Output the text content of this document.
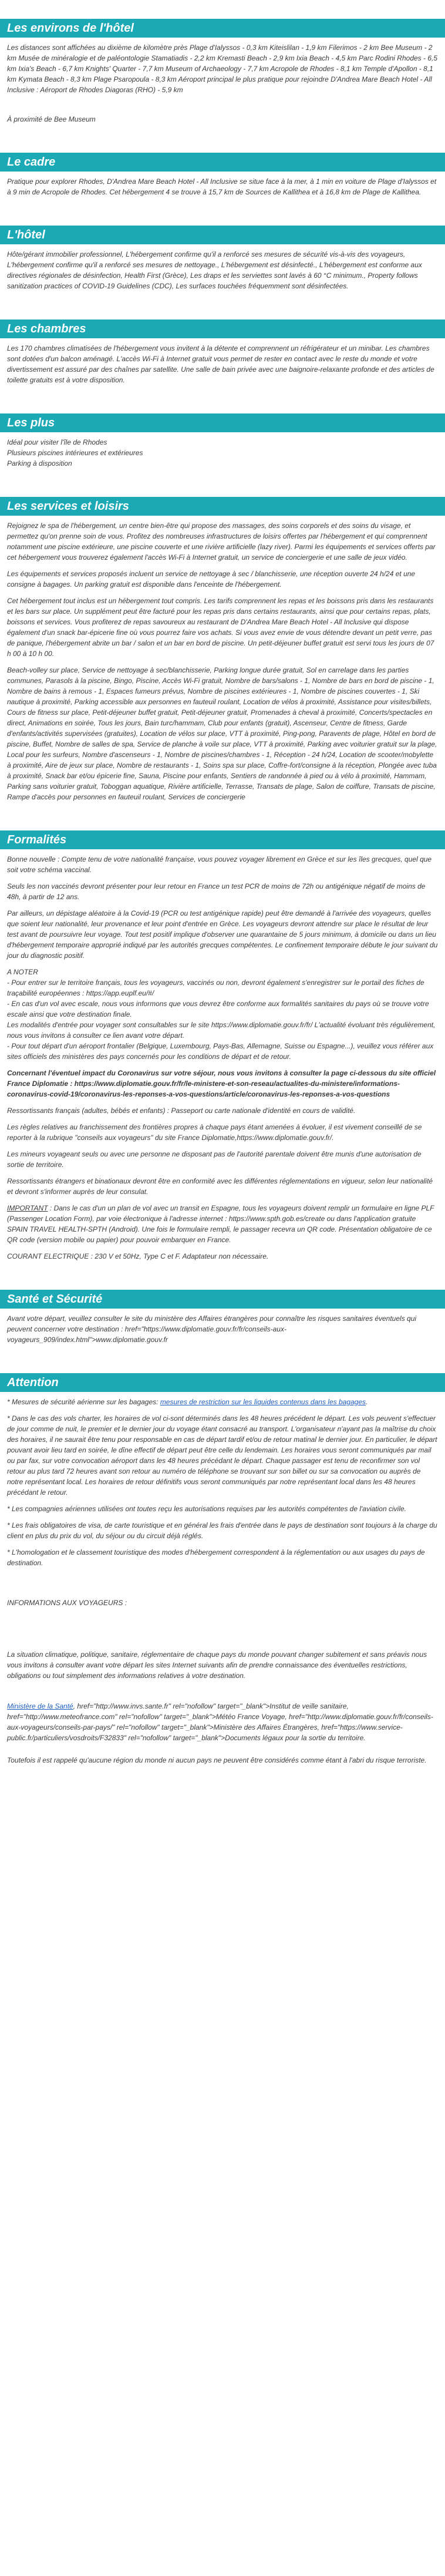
Les environs de l'hôtel

Les distances sont affichées au dixième de kilomètre près Plage d'Ialyssos - 0,3 km Kiteislilan - 1,9 km Filerimos - 2 km Bee Museum - 2 km Musée de minéralogie et de paléontologie Stamatiadis - 2,2 km Kremasti Beach - 2,9 km Ixia Beach - 4,5 km Parc Rodini Rhodes - 6,5 km Ixia's Beach - 6,7 km Knights' Quarter - 7,7 km Museum of Archaeology - 7,7 km Acropole de Rhodes - 8,1 km Temple d'Apollon - 8,1 km Kymata Beach - 8,3 km Plage Psaropoula - 8,3 km Aéroport principal le plus pratique pour rejoindre D'Andrea Mare Beach Hotel - All Inclusive : Aéroport de Rhodes Diagoras (RHO) - 5,9 km

À proximité de Bee Museum

Le cadre

Pratique pour explorer Rhodes, D'Andrea Mare Beach Hotel - All Inclusive se situe face à la mer, à 1 min en voiture de Plage d'Ialyssos et à 9 min de Acropole de Rhodes. Cet hébergement 4 se trouve à 15,7 km de Sources de Kallithea et à 16,8 km de Plage de Kallithea.

L'hôtel

Hôte/gérant immobilier professionnel, L'hébergement confirme qu'il a renforcé ses mesures de sécurité vis-à-vis des voyageurs, L'hébergement confirme qu'il a renforcé ses mesures de nettoyage., L'hébergement est désinfecté., L'hébergement est conforme aux directives régionales de désinfection, Health First (Grèce), Les draps et les serviettes sont lavés à 60 °C minimum., Property follows sanitization practices of COVID-19 Guidelines (CDC), Les surfaces touchées fréquemment sont désinfectées.

Les chambres

Les 170 chambres climatisées de l'hébergement vous invitent à la détente et comprennent un réfrigérateur et un minibar. Les chambres sont dotées d'un balcon aménagé. L'accès Wi-Fi à Internet gratuit vous permet de rester en contact avec le reste du monde et votre divertissement est assuré par des chaînes par satellite. Une salle de bain privée avec une baignoire-relaxante profonde et des articles de toilette gratuits est à votre disposition.

Les plus
Idéal pour visiter l'île de Rhodes
Plusieurs piscines intérieures et extérieures
Parking à disposition
Les services et loisirs

Rejoignez le spa de l'hébergement, un centre bien-être qui propose des massages, des soins corporels et des soins du visage, et permettez qu'on prenne soin de vous. Profitez des nombreuses infrastructures de loisirs offertes par l'hébergement et qui comprennent notamment une piscine extérieure, une piscine couverte et une rivière artificielle (lazy river). Parmi les équipements et services offerts par cet hébergement vous trouverez également l'accès Wi-Fi à Internet gratuit, un service de conciergerie et une salle de jeux vidéo.

Les équipements et services proposés incluent un service de nettoyage à sec / blanchisserie, une réception ouverte 24 h/24 et une consigne à bagages. Un parking gratuit est disponible dans l'enceinte de l'hébergement.

Cet hébergement tout inclus est un hébergement tout compris. Les tarifs comprennent les repas et les boissons pris dans les restaurants et les bars sur place. Un supplément peut être facturé pour les repas pris dans certains restaurants, ainsi que pour certains repas, plats, boissons et services. Vous profiterez de repas savoureux au restaurant de D'Andrea Mare Beach Hotel - All Inclusive qui dispose également d'un snack bar-épicerie fine où vous pourrez faire vos achats. Si vous avez envie de vous détendre devant un petit verre, pas de panique, l'hébergement abrite un bar / salon et un bar en bord de piscine. Un petit-déjeuner buffet gratuit est servi tous les jours de 07 h 00 à 10 h 00.

Beach-volley sur place, Service de nettoyage à sec/blanchisserie, Parking longue durée gratuit, Sol en carrelage dans les parties communes, Parasols à la piscine, Bingo, Piscine, Accès Wi-Fi gratuit, Nombre de bars/salons - 1, Nombre de bars en bord de piscine - 1, Nombre de bains à remous - 1, Espaces fumeurs prévus, Nombre de piscines extérieures - 1, Nombre de piscines couvertes - 1, Ski nautique à proximité, Parking accessible aux personnes en fauteuil roulant, Location de vélos à proximité, Assistance pour visites/billets, Cours de fitness sur place, Petit-déjeuner buffet gratuit, Petit-déjeuner gratuit, Promenades à cheval à proximité, Concerts/spectacles en direct, Animations en soirée, Tous les jours, Bain turc/hammam, Club pour enfants (gratuit), Ascenseur, Centre de fitness, Garde d'enfants/activités supervisées (gratuites), Location de vélos sur place, VTT à proximité, Ping-pong, Paravents de plage, Hôtel en bord de piscine, Buffet, Nombre de salles de spa, Service de planche à voile sur place, VTT à proximité, Parking avec voiturier gratuit sur la plage, Local pour les surfeurs, Nombre d'ascenseurs - 1, Nombre de piscines/chambres - 1, Réception - 24 h/24, Location de scooter/mobylette à proximité, Aire de jeux sur place, Nombre de restaurants - 1, Soins spa sur place, Coffre-fort/consigne à la réception, Plongée avec tuba à proximité, Snack bar et/ou épicerie fine, Sauna, Piscine pour enfants, Sentiers de randonnée à pied ou à vélo à proximité, Hammam, Parking sans voiturier gratuit, Toboggan aquatique, Rivière artificielle, Terrasse, Transats de plage, Salon de coiffure, Transats de piscine, Rampe d'accès pour personnes en fauteuil roulant, Services de conciergerie

Formalités

Bonne nouvelle : Compte tenu de votre nationalité française, vous pouvez voyager librement en Grèce et sur les îles grecques, quel que soit votre schéma vaccinal.

Seuls les non vaccinés devront présenter pour leur retour en France un test PCR de moins de 72h ou antigénique négatif de moins de 48h, à partir de 12 ans.

Par ailleurs, un dépistage aléatoire à la Covid-19 (PCR ou test antigénique rapide) peut être demandé à l'arrivée des voyageurs, quelles que soient leur nationalité, leur provenance et leur point d'entrée en Grèce. Les voyageurs devront attendre sur place le résultat de leur test avant de poursuivre leur voyage. Tout test positif implique d'observer une quarantaine de 5 jours minimum, à domicile ou dans un lieu d'hébergement temporaire approprié indiqué par les autorités grecques compétentes. Le confinement temporaire débute le jour suivant du jour du diagnostic positif.

A NOTER

- Pour entrer sur le territoire français, tous les voyageurs, vaccinés ou non, devront également s'enregistrer sur le portail des fiches de traçabilité européennes : https://app.euplf.eu/#/

- En cas d'un vol avec escale, nous vous informons que vous devrez être conforme aux formalités sanitaires du pays où se trouve votre escale ainsi que votre destination finale.

Les modalités d'entrée pour voyager sont consultables sur le site https://www.diplomatie.gouv.fr/fr/ L'actualité évoluant très régulièrement, nous vous invitons à consulter ce lien avant votre départ.

- Pour tout départ d'un aéroport frontalier (Belgique, Luxembourg, Pays-Bas, Allemagne, Suisse ou Espagne...), veuillez vous référer aux sites officiels des ministères des pays concernés pour les conditions de départ et de retour.

Concernant l'éventuel impact du Coronavirus sur votre séjour, nous vous invitons à consulter la page ci-dessous du site officiel France Diplomatie : https://www.diplomatie.gouv.fr/fr/le-ministere-et-son-reseau/actualites-du-ministere/informations-coronavirus-covid-19/coronavirus-les-reponses-a-vos-questions/article/coronavirus-les-reponses-a-vos-questions

Ressortissants français (adultes, bébés et enfants) : Passeport ou carte nationale d'identité en cours de validité.

Les règles relatives au franchissement des frontières propres à chaque pays étant amenées à évoluer, il est vivement conseillé de se reporter à la rubrique "conseils aux voyageurs" du site France Diplomatie,https://www.diplomatie.gouv.fr/.

Les mineurs voyageant seuls ou avec une personne ne disposant pas de l'autorité parentale doivent être munis d'une autorisation de sortie de territoire.

Ressortissants étrangers et binationaux devront être en conformité avec les différentes réglementations en vigueur, selon leur nationalité et devront s'informer auprès de leur consulat.

IMPORTANT : Dans le cas d'un un plan de vol avec un transit en Espagne, tous les voyageurs doivent remplir un formulaire en ligne PLF (Passenger Location Form), par voie électronique à l'adresse internet : https://www.spth.gob.es/create ou dans l'application gratuite SPAIN TRAVEL HEALTH-SPTH (Android). Une fois le formulaire rempli, le passager recevra un QR code. Présentation obligatoire de ce QR code (version mobile ou papier) pour pouvoir embarquer en France.

COURANT ELECTRIQUE : 230 V et 50Hz, Type C et F. Adaptateur non nécessaire.

Santé et Sécurité

Avant votre départ, veuillez consulter le site du ministère des Affaires étrangères pour connaître les risques sanitaires éventuels qui peuvent concerner votre destination : href="https://www.diplomatie.gouv.fr/fr/conseils-aux-voyageurs_909/index.html">www.diplomatie.gouv.fr

Attention

* Mesures de sécurité aérienne sur les bagages: mesures de restriction sur les liquides contenus dans les bagages.

* Dans le cas des vols charter, les horaires de vol ci-sont déterminés dans les 48 heures précédent le départ. Les vols peuvent s'effectuer de jour comme de nuit, le premier et le dernier jour du voyage étant consacré au transport. L'organisateur n'ayant pas la maîtrise du choix des horaires, il ne saurait être tenu pour responsable en cas de départ tardif et/ou de retour matinal le dernier jour. En particulier, le départ pouvant avoir lieu tard en soirée, le dîne effectif de départ peut être celle du lendemain. Les horaires vous seront communiqués par mail ou par fax, sur votre convocation aéroport dans les 48 heures précédant le départ. Chaque passager est tenu de reconfirmer son vol retour au plus tard 72 heures avant son retour au numéro de téléphone se trouvant sur son billet ou sur sa convocation ou auprès de notre représentant local. Les horaires de retour définitifs vous seront communiqués par notre représentant local dans les 48 heures précédant le retour.

* Les compagnies aériennes utilisées ont toutes reçu les autorisations requises par les autorités compétentes de l'aviation civile.

* Les frais obligatoires de visa, de carte touristique et en général les frais d'entrée dans le pays de destination sont toujours à la charge du client en plus du prix du vol, du séjour ou du circuit déjà réglés.

* L'homologation et le classement touristique des modes d'hébergement correspondent à la réglementation ou aux usages du pays de destination.

INFORMATIONS AUX VOYAGEURS :

La situation climatique, politique, sanitaire, réglementaire de chaque pays du monde pouvant changer subitement et sans préavis nous vous invitons à consulter avant votre départ les sites Internet suivants afin de prendre connaissance des éventuelles restrictions, obligations ou tout simplement des informations relatives à votre destination.

Ministère de la Santé, href="http://www.invs.sante.fr" rel="nofollow" target="_blank">Institut de veille sanitaire, href="http://www.meteofrance.com" rel="nofollow" target="_blank">Météo France Voyage, href="http://www.diplomatie.gouv.fr/fr/conseils-aux-voyageurs/conseils-par-pays/" rel="nofollow" target="_blank">Ministère des Affaires Étrangères, href="https://www.service-public.fr/particuliers/vosdroits/F32833" rel="nofollow" target="_blank">Documents légaux pour la sortie du territoire.

Toutefois il est rappelé qu'aucune région du monde ni aucun pays ne peuvent être considérés comme étant à l'abri du risque terroriste.
